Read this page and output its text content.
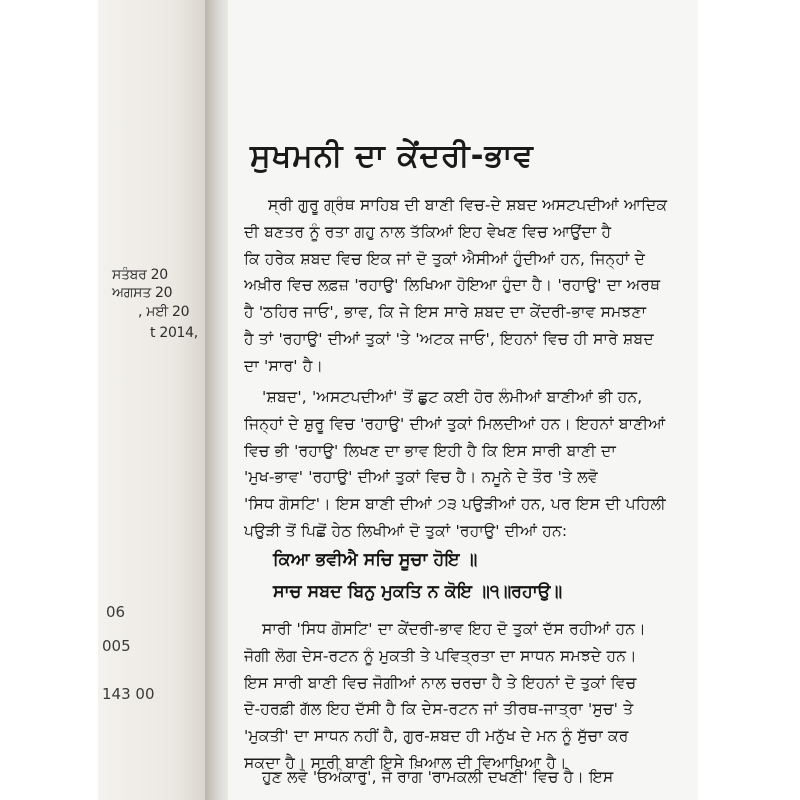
ਸਤੰਬਰ 20
ਅਗਸਤ 20
, ਮਈ 20
t 2014,
06
005
143 00
ਸੁਖਮਨੀ ਦਾ ਕੇਂਦਰੀ-ਭਾਵ
ਸ੍ਰੀ ਗੁਰੂ ਗ੍ਰੰਥ ਸਾਹਿਬ ਦੀ ਬਾਣੀ ਵਿਚ-ਦੇ ਸ਼ਬਦ ਅਸਟਪਦੀਆਂ ਆਦਿਕ
ਦੀ ਬਣਤਰ ਨੂੰ ਰਤਾ ਗਹੁ ਨਾਲ ਤੱਕਿਆਂ ਇਹ ਵੇਖਣ ਵਿਚ ਆਉਂਦਾ ਹੈ
ਕਿ ਹਰੇਕ ਸ਼ਬਦ ਵਿਚ ਇਕ ਜਾਂ ਦੋ ਤੁਕਾਂ ਐਸੀਆਂ ਹੁੰਦੀਆਂ ਹਨ, ਜਿਨ੍ਹਾਂ ਦੇ
ਅਖ਼ੀਰ ਵਿਚ ਲਫ਼ਜ਼ 'ਰਹਾਉ' ਲਿਖਿਆ ਹੋਇਆ ਹੁੰਦਾ ਹੈ। 'ਰਹਾਉ' ਦਾ ਅਰਥ
ਹੈ 'ਠਹਿਰ ਜਾਓ', ਭਾਵ, ਕਿ ਜੇ ਇਸ ਸਾਰੇ ਸ਼ਬਦ ਦਾ ਕੇਂਦਰੀ-ਭਾਵ ਸਮਝਣਾ
ਹੈ ਤਾਂ 'ਰਹਾਉ' ਦੀਆਂ ਤੁਕਾਂ 'ਤੇ 'ਅਟਕ ਜਾਓ', ਇਹਨਾਂ ਵਿਚ ਹੀ ਸਾਰੇ ਸ਼ਬਦ
ਦਾ 'ਸਾਰ' ਹੈ।
'ਸ਼ਬਦ', 'ਅਸਟਪਦੀਆਂ' ਤੋਂ ਛੁਟ ਕਈ ਹੋਰ ਲੰਮੀਆਂ ਬਾਣੀਆਂ ਭੀ ਹਨ,
ਜਿਨ੍ਹਾਂ ਦੇ ਸ਼ੁਰੂ ਵਿਚ 'ਰਹਾਉ' ਦੀਆਂ ਤੁਕਾਂ ਮਿਲਦੀਆਂ ਹਨ। ਇਹਨਾਂ ਬਾਣੀਆਂ
ਵਿਚ ਭੀ 'ਰਹਾਉ' ਲਿਖਣ ਦਾ ਭਾਵ ਇਹੀ ਹੈ ਕਿ ਇਸ ਸਾਰੀ ਬਾਣੀ ਦਾ
'ਮੁਖ-ਭਾਵ' 'ਰਹਾਉ' ਦੀਆਂ ਤੁਕਾਂ ਵਿਚ ਹੈ। ਨਮੂਨੇ ਦੇ ਤੌਰ 'ਤੇ ਲਵੋ
'ਸਿਧ ਗੋਸਟਿ'। ਇਸ ਬਾਣੀ ਦੀਆਂ ੭੩ ਪਉੜੀਆਂ ਹਨ, ਪਰ ਇਸ ਦੀ ਪਹਿਲੀ
ਪਉੜੀ ਤੋਂ ਪਿਛੋਂ ਹੇਠ ਲਿਖੀਆਂ ਦੋ ਤੁਕਾਂ 'ਰਹਾਉ' ਦੀਆਂ ਹਨ:
ਕਿਆ ਭਵੀਐ ਸਚਿ ਸੂਚਾ ਹੋਇ ॥
ਸਾਚ ਸਬਦ ਬਿਨੁ ਮੁਕਤਿ ਨ ਕੋਇ ॥੧॥ਰਹਾਉ॥
ਸਾਰੀ 'ਸਿਧ ਗੋਸਟਿ' ਦਾ ਕੇਂਦਰੀ-ਭਾਵ ਇਹ ਦੋ ਤੁਕਾਂ ਦੱਸ ਰਹੀਆਂ ਹਨ।
ਜੋਗੀ ਲੋਗ ਦੇਸ-ਰਟਨ ਨੂੰ ਮੁਕਤੀ ਤੇ ਪਵਿਤ੍ਰਤਾ ਦਾ ਸਾਧਨ ਸਮਝਦੇ ਹਨ।
ਇਸ ਸਾਰੀ ਬਾਣੀ ਵਿਚ ਜੋਗੀਆਂ ਨਾਲ ਚਰਚਾ ਹੈ ਤੇ ਇਹਨਾਂ ਦੋ ਤੁਕਾਂ ਵਿਚ
ਦੋ-ਹਰਫ਼ੀ ਗੱਲ ਇਹ ਦੱਸੀ ਹੈ ਕਿ ਦੇਸ-ਰਟਨ ਜਾਂ ਤੀਰਥ-ਜਾਤ੍ਰਾ 'ਸੁਚ' ਤੇ
'ਮੁਕਤੀ' ਦਾ ਸਾਧਨ ਨਹੀਂ ਹੈ, ਗੁਰ-ਸ਼ਬਦ ਹੀ ਮਨੁੱਖ ਦੇ ਮਨ ਨੂੰ ਸੁੱਚਾ ਕਰ
ਸਕਦਾ ਹੈ। ਸਾਰੀ ਬਾਣੀ ਇਸੇ ਖ਼ਿਆਲ ਦੀ ਵਿਆਖਿਆ ਹੈ।
ਹੁਣ ਲਵੋ 'ਓਅੰਕਾਰੁ', ਜੋ ਰਾਗ 'ਰਾਮਕਲੀ ਦਖਣੀ' ਵਿਚ ਹੈ। ਇਸ
